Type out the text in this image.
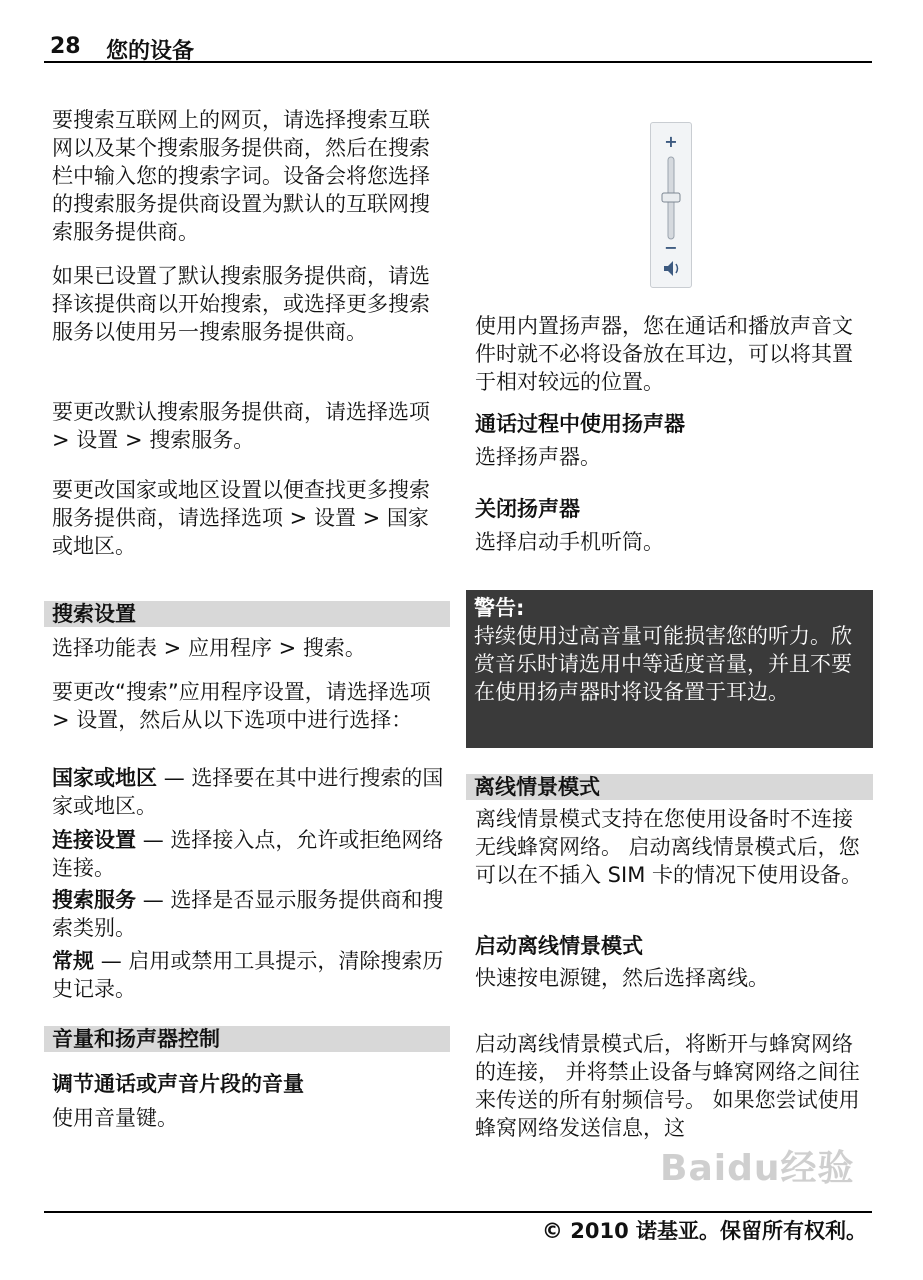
28 您的设备

要搜索互联网上的网页，请选择搜索互联网以及某个搜索服务提供商，然后在搜索栏中输入您的搜索字词。设备会将您选择的搜索服务提供商设置为默认的互联网搜索服务提供商。

如果已设置了默认搜索服务提供商，请选择该提供商以开始搜索，或选择更多搜索服务以使用另一搜索服务提供商。

要更改默认搜索服务提供商，请选择选项 > 设置 > 搜索服务。

要更改国家或地区设置以便查找更多搜索服务提供商，请选择选项 > 设置 > 国家或地区。

搜索设置

选择功能表 > 应用程序 > 搜索。

要更改“搜索”应用程序设置，请选择选项 > 设置，然后从以下选项中进行选择：

国家或地区 — 选择要在其中进行搜索的国家或地区。

连接设置 — 选择接入点，允许或拒绝网络连接。

搜索服务 — 选择是否显示服务提供商和搜索类别。

常规 — 启用或禁用工具提示，清除搜索历史记录。

音量和扬声器控制

调节通话或声音片段的音量

使用音量键。

+
−

使用内置扬声器，您在通话和播放声音文件时就不必将设备放在耳边，可以将其置于相对较远的位置。

通话过程中使用扬声器

选择扬声器。

关闭扬声器

选择启动手机听筒。

警告:
持续使用过高音量可能损害您的听力。欣赏音乐时请选用中等适度音量，并且不要在使用扬声器时将设备置于耳边。
离线情景模式

离线情景模式支持在您使用设备时不连接无线蜂窝网络。 启动离线情景模式后，您可以在不插入 SIM 卡的情况下使用设备。

启动离线情景模式

快速按电源键，然后选择离线。

启动离线情景模式后，将断开与蜂窝网络的连接， 并将禁止设备与蜂窝网络之间往来传送的所有射频信号。 如果您尝试使用蜂窝网络发送信息，这

Baidu经验
© 2010 诺基亚。保留所有权利。
